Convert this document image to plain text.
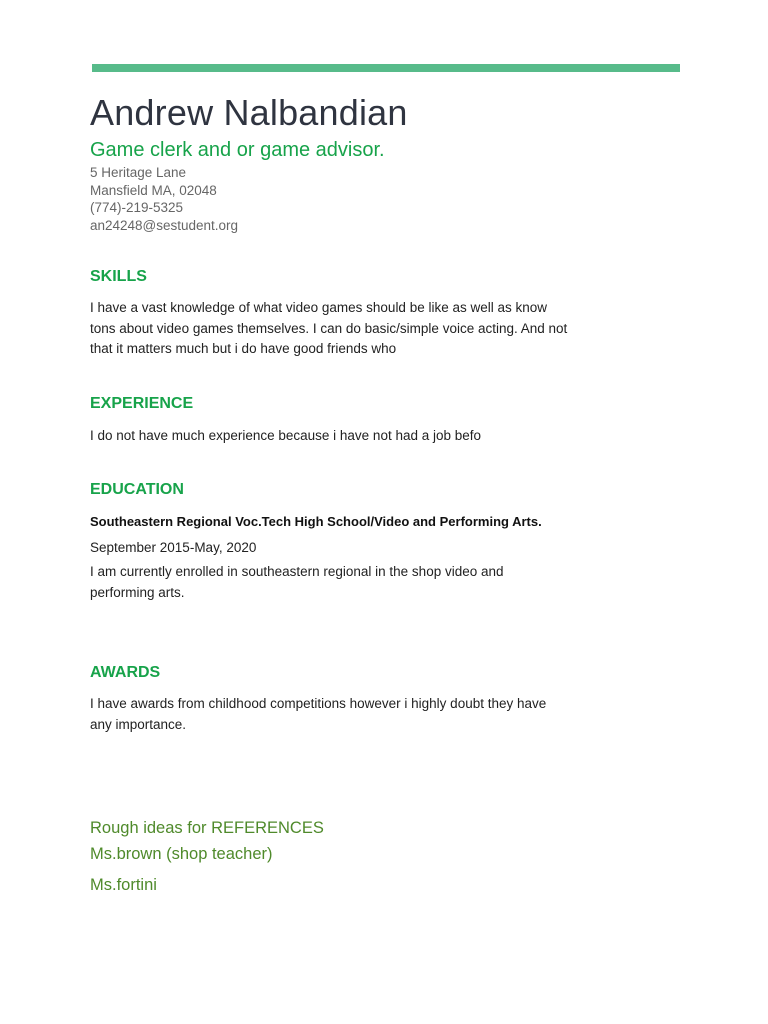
Andrew Nalbandian
Game clerk and or game advisor.
5 Heritage Lane
Mansfield MA, 02048
(774)-219-5325
an24248@sestudent.org
SKILLS
I have a vast knowledge of what video games should be like as well as know tons about video games themselves. I can do basic/simple voice acting. And not that it matters much but i do have good friends who
EXPERIENCE
I do not have much experience because i have not had a job befo
EDUCATION
Southeastern Regional Voc.Tech High School/Video and Performing Arts.
September 2015-May, 2020
I am currently enrolled in southeastern regional in the shop video and performing arts.
AWARDS
I have awards from childhood competitions however i highly doubt they have any importance.
Rough ideas for REFERENCES
Ms.brown (shop teacher)
Ms.fortini
